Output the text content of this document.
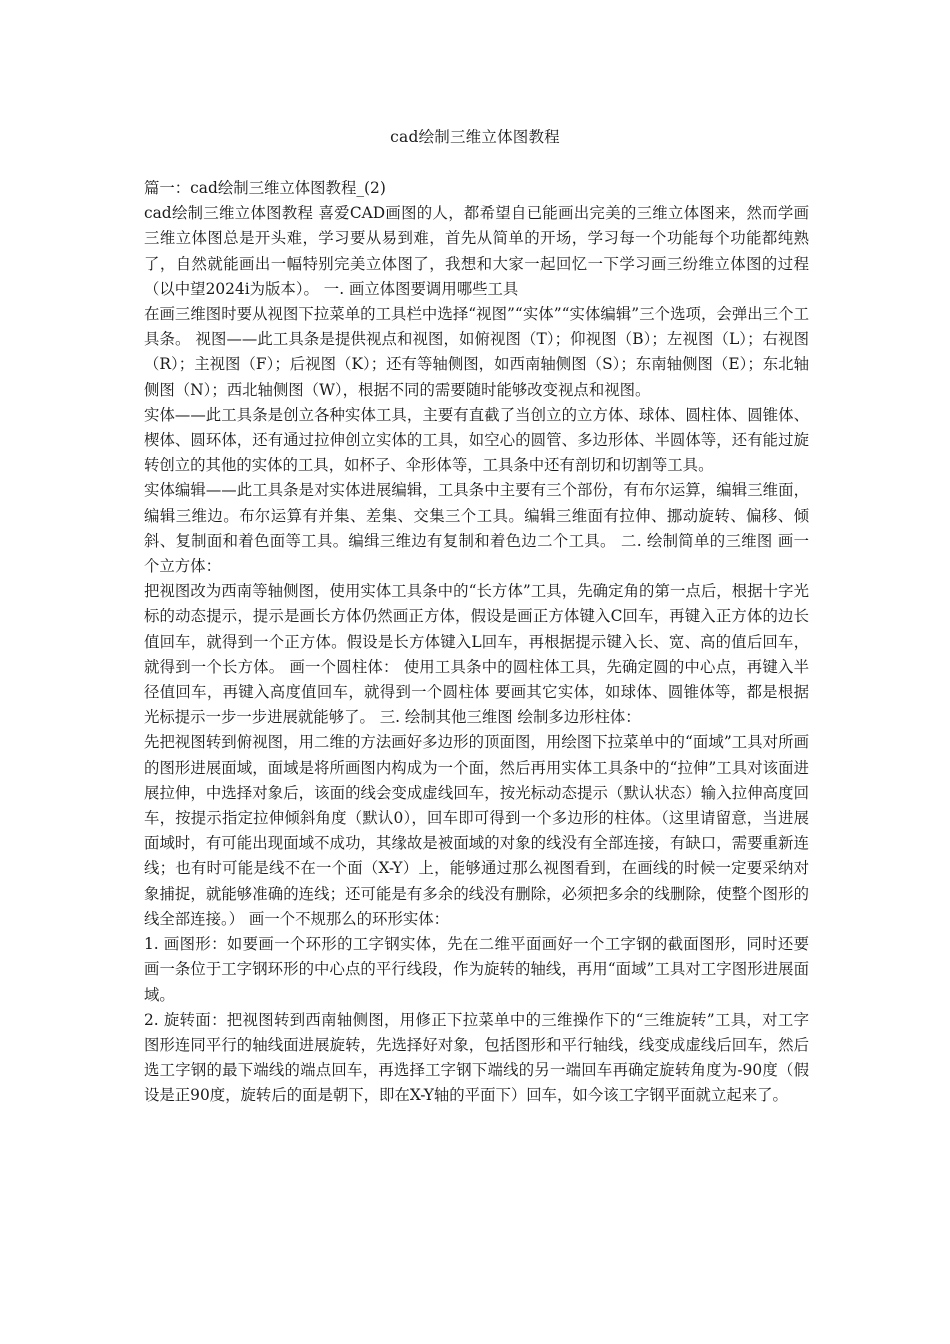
cad绘制三维立体图教程

篇一：cad绘制三维立体图教程_(2)

cad绘制三维立体图教程 喜爱CAD画图的人，都希望自已能画出完美的三维立体图来，然而学画三维立体图总是开头难，学习要从易到难，首先从简单的开场，学习每一个功能每个功能都纯熟了，自然就能画出一幅特别完美立体图了，我想和大家一起回忆一下学习画三纷维立体图的过程（以中望2024i为版本）。 一. 画立体图要调用哪些工具

在画三维图时要从视图下拉菜单的工具栏中选择“视图”“实体”“实体编辑”三个选项，会弹出三个工具条。 视图——此工具条是提供视点和视图，如俯视图（T）；仰视图（B）；左视图（L）；右视图（R）；主视图（F）；后视图（K）；还有等轴侧图，如西南轴侧图（S）；东南轴侧图（E）；东北轴侧图（N）；西北轴侧图（W），根据不同的需要随时能够改变视点和视图。

实体——此工具条是创立各种实体工具，主要有直截了当创立的立方体、球体、圆柱体、圆锥体、楔体、圆环体，还有通过拉伸创立实体的工具，如空心的圆管、多边形体、半圆体等，还有能过旋转创立的其他的实体的工具，如杯子、伞形体等，工具条中还有剖切和切割等工具。

实体编辑——此工具条是对实体进展编辑，工具条中主要有三个部份，有布尔运算，编辑三维面，编辑三维边。布尔运算有并集、差集、交集三个工具。编辑三维面有拉伸、挪动旋转、偏移、倾斜、复制面和着色面等工具。编缉三维边有复制和着色边二个工具。 二. 绘制简单的三维图 画一个立方体：

把视图改为西南等轴侧图，使用实体工具条中的“长方体”工具，先确定角的第一点后，根据十字光标的动态提示，提示是画长方体仍然画正方体，假设是画正方体键入C回车，再键入正方体的边长值回车，就得到一个正方体。假设是长方体键入L回车，再根据提示键入长、宽、高的值后回车，就得到一个长方体。 画一个圆柱体： 使用工具条中的圆柱体工具，先确定圆的中心点，再键入半径值回车，再键入高度值回车，就得到一个圆柱体 要画其它实体，如球体、圆锥体等，都是根据光标提示一步一步进展就能够了。 三. 绘制其他三维图 绘制多边形柱体：

先把视图转到俯视图，用二维的方法画好多边形的顶面图，用绘图下拉菜单中的“面域”工具对所画的图形进展面域，面域是将所画图内构成为一个面，然后再用实体工具条中的“拉伸”工具对该面进展拉伸，中选择对象后，该面的线会变成虚线回车，按光标动态提示（默认状态）输入拉伸高度回车，按提示指定拉伸倾斜角度（默认0），回车即可得到一个多边形的柱体。（这里请留意，当进展面域时，有可能出现面域不成功，其缘故是被面域的对象的线没有全部连接，有缺口，需要重新连线；也有时可能是线不在一个面（X-Y）上，能够通过那么视图看到，在画线的时候一定要采纳对象捕捉，就能够准确的连线；还可能是有多余的线没有删除，必须把多余的线删除，使整个图形的线全部连接。） 画一个不规那么的环形实体：

1. 画图形：如要画一个环形的工字钢实体，先在二维平面画好一个工字钢的截面图形，同时还要画一条位于工字钢环形的中心点的平行线段，作为旋转的轴线，再用“面域”工具对工字图形进展面域。

2. 旋转面：把视图转到西南轴侧图，用修正下拉菜单中的三维操作下的“三维旋转”工具，对工字图形连同平行的轴线面进展旋转，先选择好对象，包括图形和平行轴线，线变成虚线后回车，然后选工字钢的最下端线的端点回车，再选择工字钢下端线的另一端回车再确定旋转角度为-90度（假设是正90度，旋转后的面是朝下，即在X-Y轴的平面下）回车，如今该工字钢平面就立起来了。
